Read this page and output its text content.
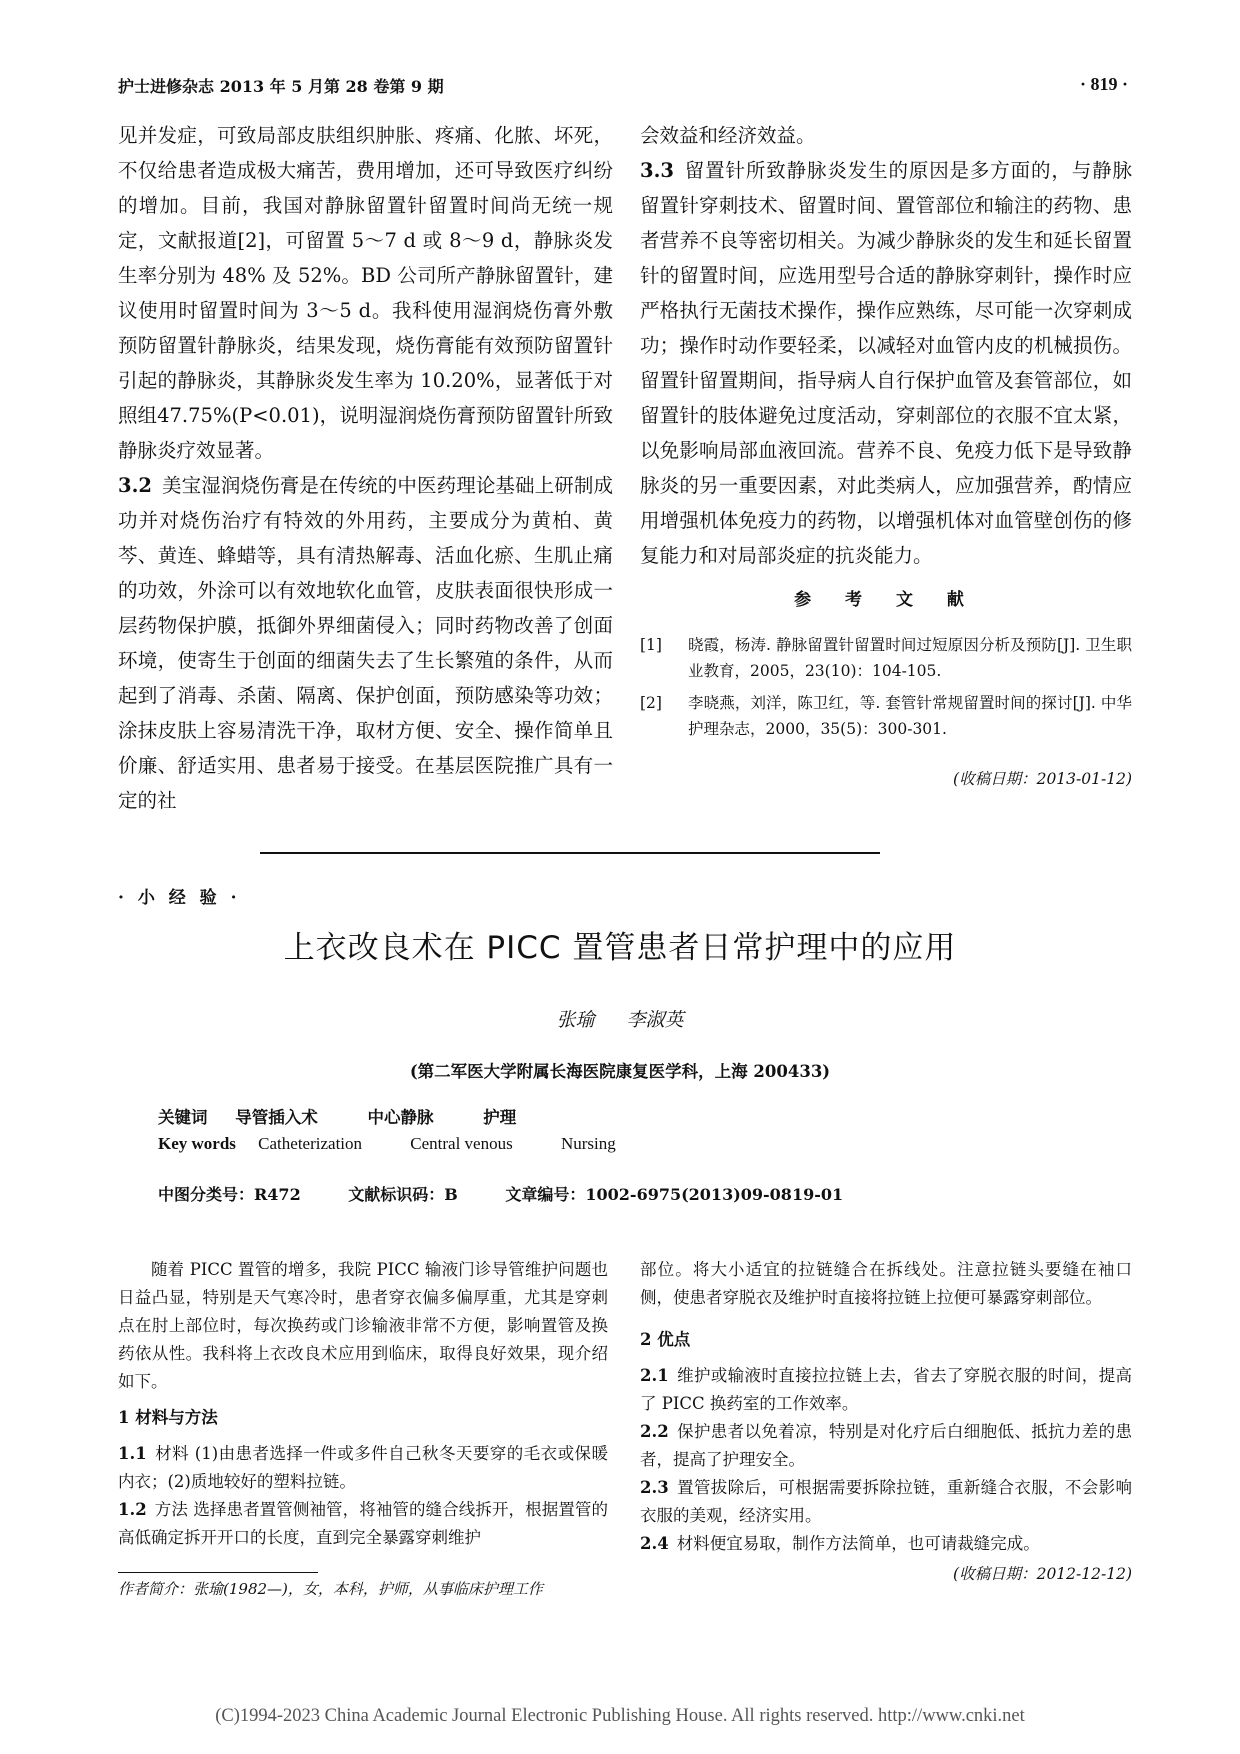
护士进修杂志 2013 年 5 月第 28 卷第 9 期	· 819 ·

见并发症，可致局部皮肤组织肿胀、疼痛、化脓、坏死，不仅给患者造成极大痛苦，费用增加，还可导致医疗纠纷的增加。目前，我国对静脉留置针留置时间尚无统一规定，文献报道[2]，可留置 5～7 d 或 8～9 d，静脉炎发生率分别为 48% 及 52%。BD 公司所产静脉留置针，建议使用时留置时间为 3～5 d。我科使用湿润烧伤膏外敷预防留置针静脉炎，结果发现，烧伤膏能有效预防留置针引起的静脉炎，其静脉炎发生率为 10.20%，显著低于对照组47.75%(P<0.01)，说明湿润烧伤膏预防留置针所致静脉炎疗效显著。

3.2 美宝湿润烧伤膏是在传统的中医药理论基础上研制成功并对烧伤治疗有特效的外用药，主要成分为黄柏、黄芩、黄连、蜂蜡等，具有清热解毒、活血化瘀、生肌止痛的功效，外涂可以有效地软化血管，皮肤表面很快形成一层药物保护膜，抵御外界细菌侵入；同时药物改善了创面环境，使寄生于创面的细菌失去了生长繁殖的条件，从而起到了消毒、杀菌、隔离、保护创面，预防感染等功效；涂抹皮肤上容易清洗干净，取材方便、安全、操作简单且价廉、舒适实用、患者易于接受。在基层医院推广具有一定的社

会效益和经济效益。

3.3 留置针所致静脉炎发生的原因是多方面的，与静脉留置针穿刺技术、留置时间、置管部位和输注的药物、患者营养不良等密切相关。为减少静脉炎的发生和延长留置针的留置时间，应选用型号合适的静脉穿刺针，操作时应严格执行无菌技术操作，操作应熟练，尽可能一次穿刺成功；操作时动作要轻柔，以减轻对血管内皮的机械损伤。留置针留置期间，指导病人自行保护血管及套管部位，如留置针的肢体避免过度活动，穿刺部位的衣服不宜太紧，以免影响局部血液回流。营养不良、免疫力低下是导致静脉炎的另一重要因素，对此类病人，应加强营养，酌情应用增强机体免疫力的药物，以增强机体对血管壁创伤的修复能力和对局部炎症的抗炎能力。

参 考 文 献
[1] 晓霞，杨涛. 静脉留置针留置时间过短原因分析及预防[J]. 卫生职业教育，2005，23(10)：104-105.
[2] 李晓燕，刘洋，陈卫红，等. 套管针常规留置时间的探讨[J]. 中华护理杂志，2000，35(5)：300-301.
(收稿日期：2013-01-12)
· 小 经 验 ·
上衣改良术在 PICC 置管患者日常护理中的应用
张瑜 李淑英
(第二军医大学附属长海医院康复医学科，上海 200433)
关键词 导管插入术	中心静脉	护理
Key words Catheterization	Central venous	Nursing
中图分类号：R472	文献标识码：B	文章编号：1002-6975(2013)09-0819-01

随着 PICC 置管的增多，我院 PICC 输液门诊导管维护问题也日益凸显，特别是天气寒冷时，患者穿衣偏多偏厚重，尤其是穿刺点在肘上部位时，每次换药或门诊输液非常不方便，影响置管及换药依从性。我科将上衣改良术应用到临床，取得良好效果，现介绍如下。

1 材料与方法

1.1 材料 (1)由患者选择一件或多件自己秋冬天要穿的毛衣或保暖内衣；(2)质地较好的塑料拉链。

1.2 方法 选择患者置管侧袖管，将袖管的缝合线拆开，根据置管的高低确定拆开开口的长度，直到完全暴露穿刺维护

部位。将大小适宜的拉链缝合在拆线处。注意拉链头要缝在袖口侧，使患者穿脱衣及维护时直接将拉链上拉便可暴露穿刺部位。

2 优点

2.1 维护或输液时直接拉拉链上去，省去了穿脱衣服的时间，提高了 PICC 换药室的工作效率。

2.2 保护患者以免着凉，特别是对化疗后白细胞低、抵抗力差的患者，提高了护理安全。

2.3 置管拔除后，可根据需要拆除拉链，重新缝合衣服，不会影响衣服的美观，经济实用。

2.4 材料便宜易取，制作方法简单，也可请裁缝完成。

(收稿日期：2012-12-12)
作者简介：张瑜(1982—)，女，本科，护师，从事临床护理工作
(C)1994-2023 China Academic Journal Electronic Publishing House. All rights reserved. http://www.cnki.net
